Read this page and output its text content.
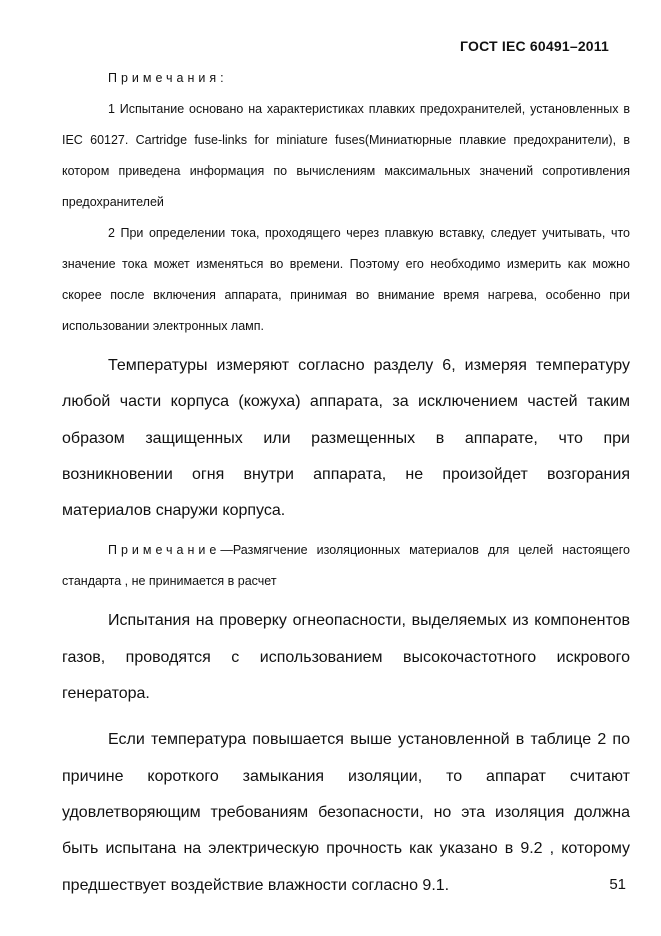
ГОСТ IEC 60491–2011

Примечания:

1 Испытание основано на характеристиках плавких предохранителей, установленных в IEC 60127. Cartridge fuse-links for miniature fuses(Миниатюрные плавкие предохранители), в котором приведена информация по вычислениям максимальных значений сопротивления предохранителей

2 При определении тока, проходящего через плавкую вставку, следует учитывать, что значение тока может изменяться во времени. Поэтому его необходимо измерить как можно скорее после включения аппарата, принимая во внимание время нагрева, особенно при использовании электронных ламп.

Температуры измеряют согласно разделу 6, измеряя температуру любой части корпуса (кожуха) аппарата, за исключением частей таким образом защищенных или размещенных в аппарате, что при возникновении огня внутри аппарата, не произойдет возгорания материалов снаружи корпуса.

Примечание—Размягчение изоляционных материалов для целей настоящего стандарта , не принимается в расчет

Испытания на проверку огнеопасности, выделяемых из компонентов газов, проводятся с использованием высокочастотного искрового генератора.

Если температура повышается выше установленной в таблице 2 по причине короткого замыкания изоляции, то аппарат считают удовлетворяющим требованиям безопасности, но эта изоляция должна быть испытана на электрическую прочность как указано в 9.2 , которому предшествует воздействие влажности согласно 9.1.	51
